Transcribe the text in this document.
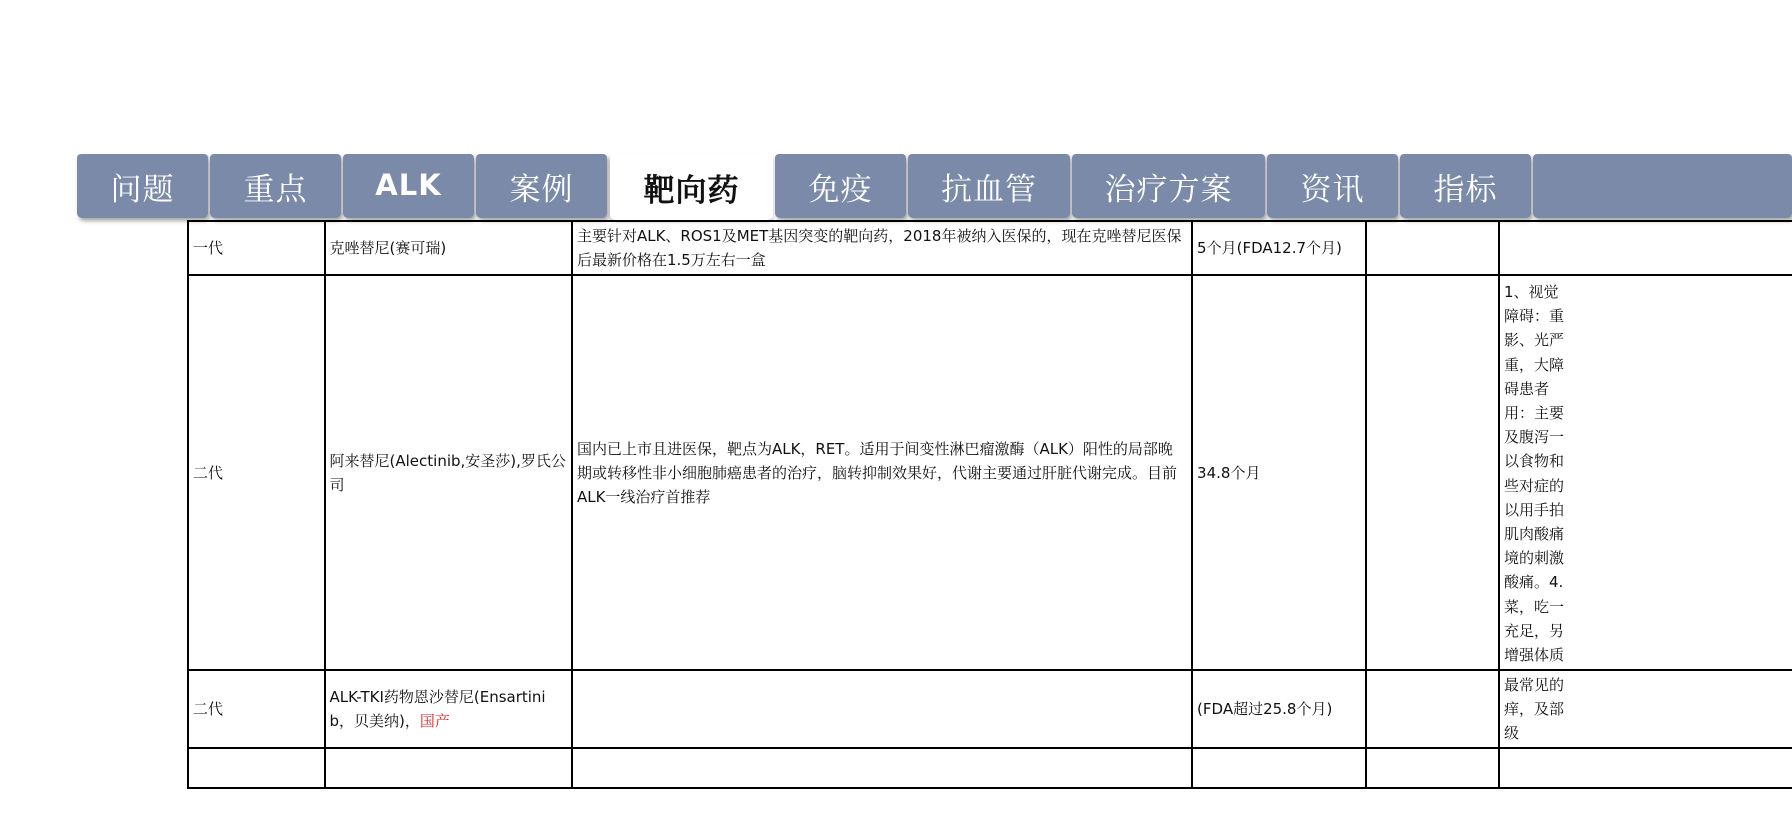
一代	克唑替尼(赛可瑞)	主要针对ALK、ROS1及MET基因突变的靶向药，2018年被纳入医保的，现在克唑替尼医保后最新价格在1.5万左右一盒	5个月(FDA12.7个月)		
二代	阿来替尼(Alectinib,安圣莎),罗氏公司	国内已上市且进医保，靶点为ALK，RET。适用于间变性淋巴瘤激酶（ALK）阳性的局部晚期或转移性非小细胞肺癌患者的治疗，脑转抑制效果好，代谢主要通过肝脏代谢完成。目前ALK一线治疗首推荐	34.8个月		1、视觉障碍：重影、光严重，大障碍患者用：主要及腹泻一以食物和些对症的以用手拍肌肉酸痛境的刺激酸痛。4.菜，吃一充足，另增强体质

二代	ALK-TKI药物恩沙替尼(Ensartinib，贝美纳)，国产		(FDA超过25.8个月)		最常见的痒，及部级

问题	重点	ALK	案例	靶向药	免疫	抗血管	治疗方案	资讯	指标
